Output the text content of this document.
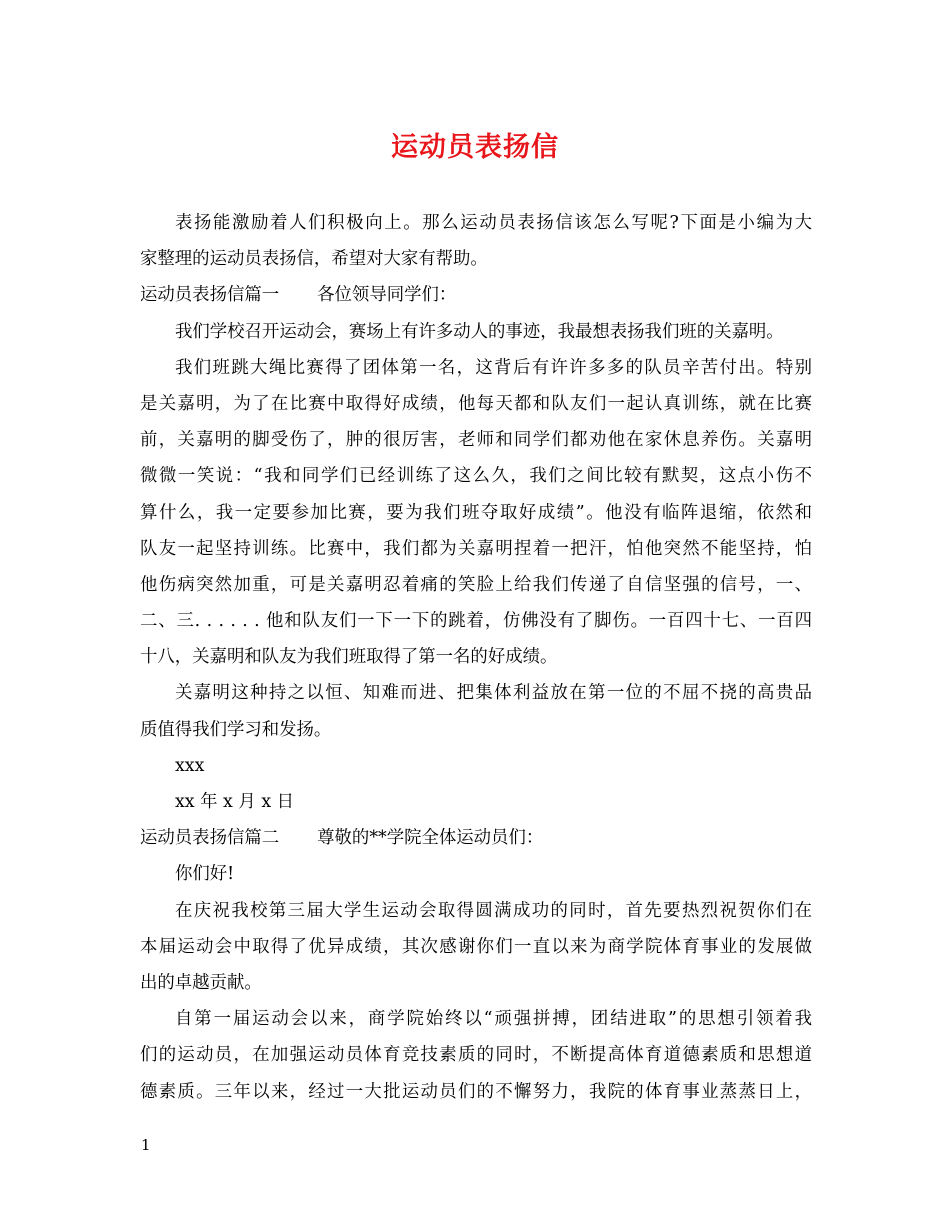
运动员表扬信
表扬能激励着人们积极向上。那么运动员表扬信该怎么写呢?下面是小编为大
家整理的运动员表扬信，希望对大家有帮助。
运动员表扬信篇一 各位领导同学们：
我们学校召开运动会，赛场上有许多动人的事迹，我最想表扬我们班的关嘉明。
我们班跳大绳比赛得了团体第一名，这背后有许许多多的队员辛苦付出。特别
是关嘉明，为了在比赛中取得好成绩，他每天都和队友们一起认真训练，就在比赛
前，关嘉明的脚受伤了，肿的很厉害，老师和同学们都劝他在家休息养伤。关嘉明
微微一笑说：“我和同学们已经训练了这么久，我们之间比较有默契，这点小伤不
算什么，我一定要参加比赛，要为我们班夺取好成绩”。他没有临阵退缩，依然和
队友一起坚持训练。比赛中，我们都为关嘉明捏着一把汗，怕他突然不能坚持，怕
他伤病突然加重，可是关嘉明忍着痛的笑脸上给我们传递了自信坚强的信号，一、
二、三. . . . . . 他和队友们一下一下的跳着，仿佛没有了脚伤。一百四十七、一百四
十八，关嘉明和队友为我们班取得了第一名的好成绩。
关嘉明这种持之以恒、知难而进、把集体利益放在第一位的不屈不挠的高贵品
质值得我们学习和发扬。
xxx
xx 年 x 月 x 日
运动员表扬信篇二 尊敬的**学院全体运动员们：
你们好!
在庆祝我校第三届大学生运动会取得圆满成功的同时，首先要热烈祝贺你们在
本届运动会中取得了优异成绩，其次感谢你们一直以来为商学院体育事业的发展做
出的卓越贡献。
自第一届运动会以来，商学院始终以“顽强拼搏，团结进取”的思想引领着我
们的运动员，在加强运动员体育竞技素质的同时，不断提高体育道德素质和思想道
德素质。三年以来，经过一大批运动员们的不懈努力，我院的体育事业蒸蒸日上，
1
